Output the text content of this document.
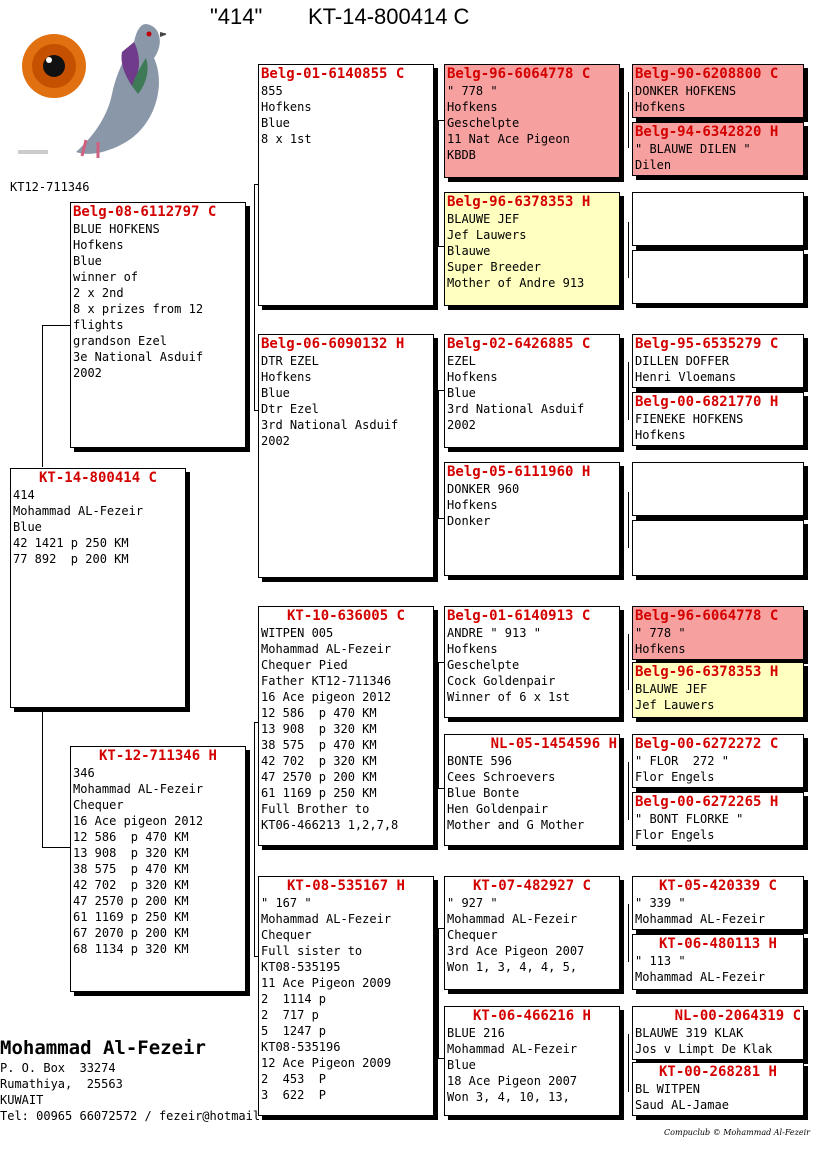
"414" KT-14-800414 C
KT12-711346
KT-14-800414 C
414
Mohammad AL-Fezeir
Blue
42 1421 p 250 KM
77 892  p 200 KM
Belg-08-6112797 C
BLUE HOFKENS
Hofkens
Blue
winner of
2 x 2nd
8 x prizes from 12
flights
grandson Ezel
3e National Asduif
2002
KT-12-711346 H
346
Mohammad AL-Fezeir
Chequer
16 Ace pigeon 2012
12 586  p 470 KM
13 908  p 320 KM
38 575  p 470 KM
42 702  p 320 KM
47 2570 p 200 KM
61 1169 p 250 KM
67 2070 p 200 KM
68 1134 p 320 KM
Belg-01-6140855 C
855
Hofkens
Blue
8 x 1st
Belg-06-6090132 H
DTR EZEL
Hofkens
Blue
Dtr Ezel
3rd National Asduif
2002
KT-10-636005 C
WITPEN 005
Mohammad AL-Fezeir
Chequer Pied
Father KT12-711346
16 Ace pigeon 2012
12 586  p 470 KM
13 908  p 320 KM
38 575  p 470 KM
42 702  p 320 KM
47 2570 p 200 KM
61 1169 p 250 KM
Full Brother to
KT06-466213 1,2,7,8
KT-08-535167 H
" 167 "
Mohammad AL-Fezeir
Chequer
Full sister to
KT08-535195
11 Ace Pigeon 2009
2  1114 p
2  717 p
5  1247 p
KT08-535196
12 Ace Pigeon 2009
2  453  P
3  622  P
Belg-96-6064778 C
" 778 "
Hofkens
Geschelpte
11 Nat Ace Pigeon
KBDB
Belg-96-6378353 H
BLAUWE JEF
Jef Lauwers
Blauwe
Super Breeder
Mother of Andre 913
Belg-02-6426885 C
EZEL
Hofkens
Blue
3rd National Asduif
2002
Belg-05-6111960 H
DONKER 960
Hofkens
Donker
Belg-01-6140913 C
ANDRE " 913 "
Hofkens
Geschelpte
Cock Goldenpair
Winner of 6 x 1st
NL-05-1454596 H
BONTE 596
Cees Schroevers
Blue Bonte
Hen Goldenpair
Mother and G Mother
KT-07-482927 C
" 927 "
Mohammad AL-Fezeir
Chequer
3rd Ace Pigeon 2007
Won 1, 3, 4, 4, 5,
KT-06-466216 H
BLUE 216
Mohammad AL-Fezeir
Blue
18 Ace Pigeon 2007
Won 3, 4, 10, 13,
Belg-90-6208800 C
DONKER HOFKENS
Hofkens
Belg-94-6342820 H
" BLAUWE DILEN "
Dilen
Belg-95-6535279 C
DILLEN DOFFER
Henri Vloemans
Belg-00-6821770 H
FIENEKE HOFKENS
Hofkens
Belg-96-6064778 C
" 778 "
Hofkens
Belg-96-6378353 H
BLAUWE JEF
Jef Lauwers
Belg-00-6272272 C
" FLOR  272 "
Flor Engels
Belg-00-6272265 H
" BONT FLORKE "
Flor Engels
KT-05-420339 C
" 339 "
Mohammad AL-Fezeir
KT-06-480113 H
" 113 "
Mohammad AL-Fezeir
NL-00-2064319 C
BLAUWE 319 KLAK
Jos v Limpt De Klak
KT-00-268281 H
BL WITPEN
Saud AL-Jamae
Mohammad Al-Fezeir
P. O. Box  33274
Rumathiya,  25563
KUWAIT
Tel: 00965 66072572 / fezeir@hotmail.
Compuclub © Mohammad Al-Fezeir
